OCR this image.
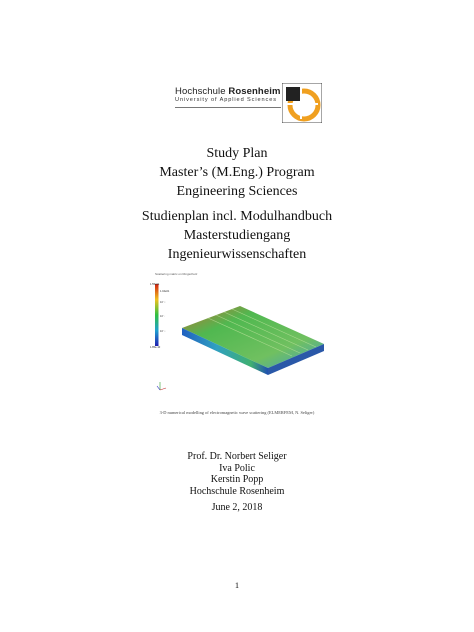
Hochschule Rosenheim
University of Applied Sciences
Study Plan
Master’s (M.Eng.) Program
Engineering Sciences
Studienplan incl. Modulhandbuch
Masterstudiengang
Ingenieurwissenschaften
Scattering matrix on Ringschutz
1.55e01
1.04e01
10⁻⁶
10⁻⁷
10⁻⁸
1.85e-10
3-D numerical modelling of electromagnetic wave scattering (ELMERFEM, N. Seliger)
Prof. Dr. Norbert Seliger
Iva Polic
Kerstin Popp
Hochschule Rosenheim
June 2, 2018
1
